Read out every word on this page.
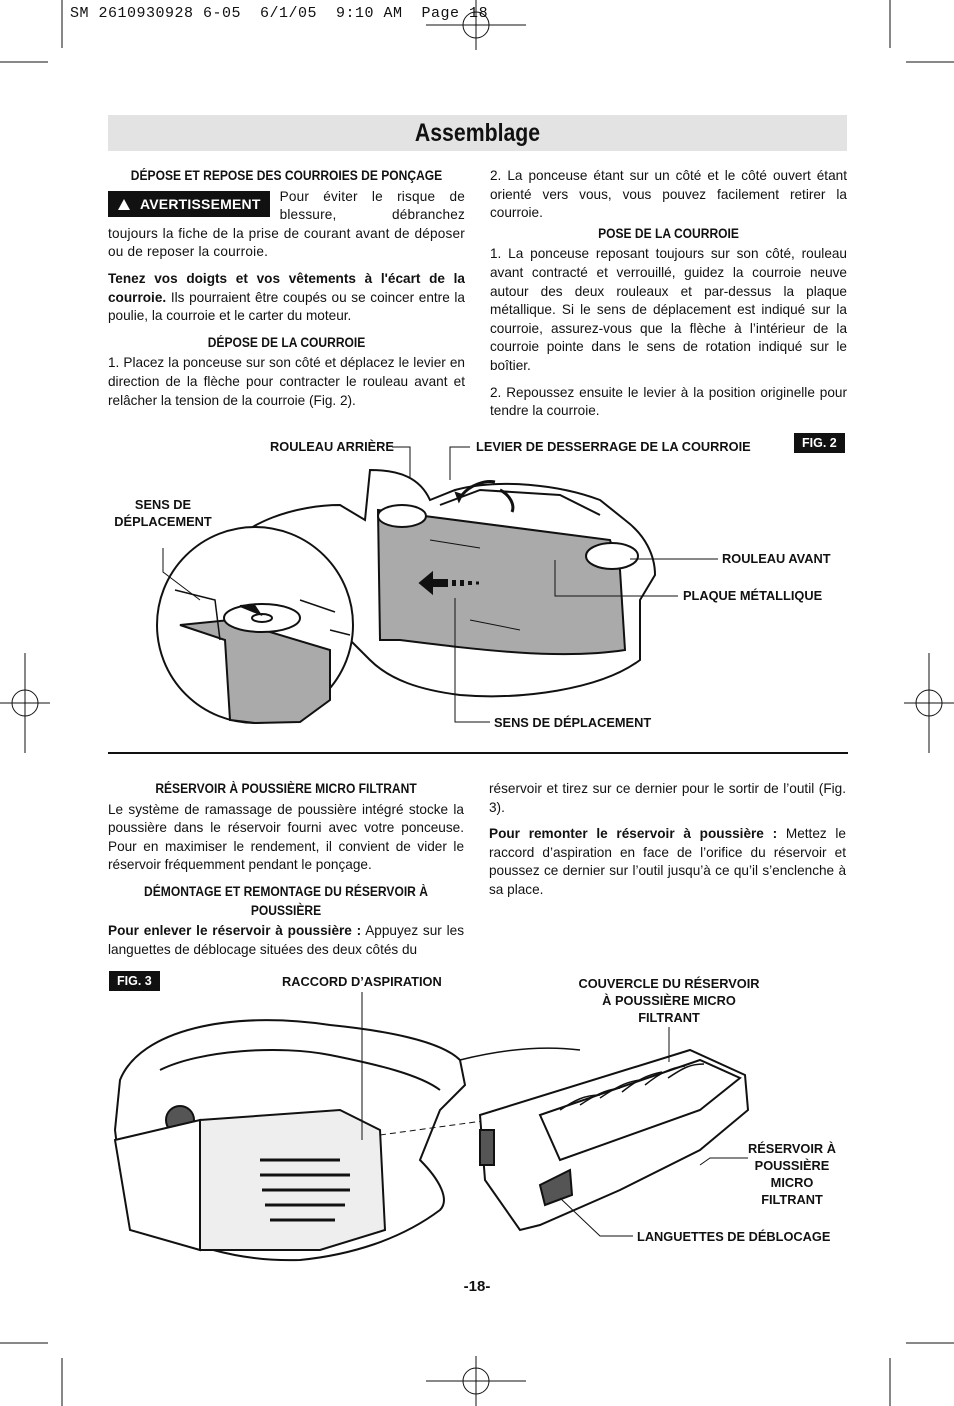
SM 2610930928 6-05  6/1/05  9:10 AM  Page 18
Assemblage
DÉPOSE ET REPOSE DES COURROIES DE PONÇAGE
AVERTISSEMENT	Pour éviter le risque de blessure, débranchez toujours la fiche de la prise de courant avant de déposer ou de reposer la courroie.

Tenez vos doigts et vos vêtements à l'écart de la courroie. Ils pourraient être coupés ou se coincer entre la poulie, la courroie et le carter du moteur.

DÉPOSE DE LA COURROIE

1. Placez la ponceuse sur son côté et déplacez le levier en direction de la flèche pour contracter le rouleau avant et relâcher la tension de la courroie (Fig. 2).

2. La ponceuse étant sur un côté et le côté ouvert étant orienté vers vous, vous pouvez facilement retirer la courroie.

POSE DE LA COURROIE

1. La ponceuse reposant toujours sur son côté, rouleau avant contracté et verrouillé, guidez la courroie neuve autour des deux rouleaux et par-dessus la plaque métallique. Si le sens de déplacement est indiqué sur la courroie, assurez-vous que la flèche à l’intérieur de la courroie pointe dans le sens de rotation indiqué sur le boîtier.

2. Repoussez ensuite le levier à la position originelle pour tendre la courroie.

FIG. 2
ROULEAU ARRIÈRE	LEVIER DE DESSERRAGE DE LA COURROIE
SENS DE
DÉPLACEMENT
ROULEAU AVANT
PLAQUE MÉTALLIQUE
SENS DE DÉPLACEMENT
RÉSERVOIR À POUSSIÈRE MICRO FILTRANT

Le système de ramassage de poussière intégré stocke la poussière dans le réservoir fourni avec votre ponceuse. Pour en maximiser le rendement, il convient de vider le réservoir fréquemment pendant le ponçage.

DÉMONTAGE ET REMONTAGE DU RÉSERVOIR À POUSSIÈRE

Pour enlever le réservoir à poussière : Appuyez sur les languettes de déblocage situées des deux côtés du

réservoir et tirez sur ce dernier pour le sortir de l’outil (Fig. 3).

Pour remonter le réservoir à poussière : Mettez le raccord d’aspiration en face de l’orifice du réservoir et poussez ce dernier sur l’outil jusqu’à ce qu’il s’enclenche à sa place.

FIG. 3	RACCORD D’ASPIRATION	COUVERCLE DU RÉSERVOIR
À POUSSIÈRE MICRO
FILTRANT
RÉSERVOIR À
POUSSIÈRE
MICRO
FILTRANT
LANGUETTES DE DÉBLOCAGE
-18-
